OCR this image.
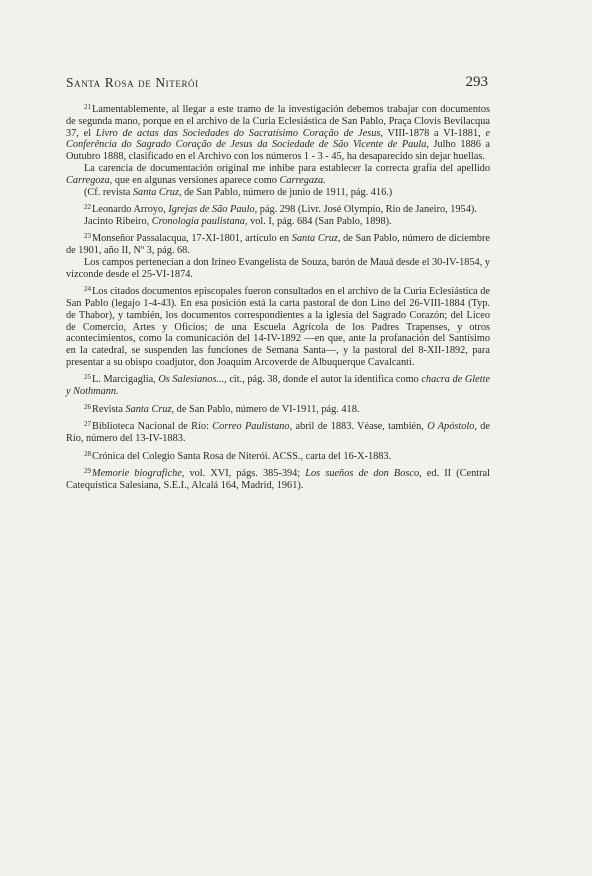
Santa Rosa de Niterói	293

$^{21}$Lamentablemente, al llegar a este tramo de la investigación debemos trabajar con documentos de segunda mano, porque en el archivo de la Curia Eclesiástica de San Pablo, Praça Clovis Bevilacqua 37, el Livro de actas das Sociedades do Sacratísimo Coração de Jesus, VIII-1878 a VI-1881, e Conferência do Sagrado Coração de Jesus da Sociedade de São Vicente de Paula, Julho 1886 a Outubro 1888, clasificado en el Archivo con los números 1 - 3 - 45, ha desaparecido sin dejar huellas.

La carencia de documentación original me inhibe para establecer la correcta grafía del apellido Carregoza, que en algunas versiones aparece como Carregaza.

(Cf. revista Santa Cruz, de San Pablo, número de junio de 1911, pág. 416.)

$^{22}$Leonardo Arroyo, Igrejas de São Paulo, pág. 298 (Livr. José Olympio, Río de Janeiro, 1954).

Jacinto Ribeiro, Cronologia paulistana, vol. I, pág. 684 (San Pablo, 1898).

$^{23}$Monseñor Passalacqua, 17-XI-1801, artículo en Santa Cruz, de San Pablo, número de diciembre de 1901, año II, Nº 3, pág. 68.

Los campos pertenecían a don Irineo Evangelista de Souza, barón de Mauá desde el 30-IV-1854, y vizconde desde el 25-VI-1874.

$^{24}$Los citados documentos episcopales fueron consultados en el archivo de la Curia Eclesiástica de San Pablo (legajo 1-4-43). En esa posición está la carta pastoral de don Lino del 26-VIII-1884 (Typ. de Thabor), y también, los documentos correspondientes a la iglesia del Sagrado Corazón; del Liceo de Comercio, Artes y Oficios; de una Escuela Agrícola de los Padres Trapenses, y otros acontecimientos, como la comunicación del 14-IV-1892 —en que, ante la profanación del Santísimo en la catedral, se suspenden las funciones de Semana Santa—, y la pastoral del 8-XII-1892, para presentar a su obispo coadjutor, don Joaquim Arcoverde de Albuquerque Cavalcanti.

$^{25}$L. Marcigaglia, Os Salesianos..., cit., pág. 38, donde el autor la identifica como chacra de Glette y Nothmann.

$^{26}$Revista Santa Cruz, de San Pablo, número de VI-1911, pág. 418.

$^{27}$Biblioteca Nacional de Río: Correo Paulistano, abril de 1883. Véase, también, O Apóstolo, de Río, número del 13-IV-1883.

$^{28}$Crónica del Colegio Santa Rosa de Niterói. ACSS., carta del 16-X-1883.

$^{29}$Memorie biografiche, vol. XVI, págs. 385-394; Los sueños de don Bosco, ed. II (Central Catequística Salesiana, S.E.I., Alcalá 164, Madrid, 1961).
